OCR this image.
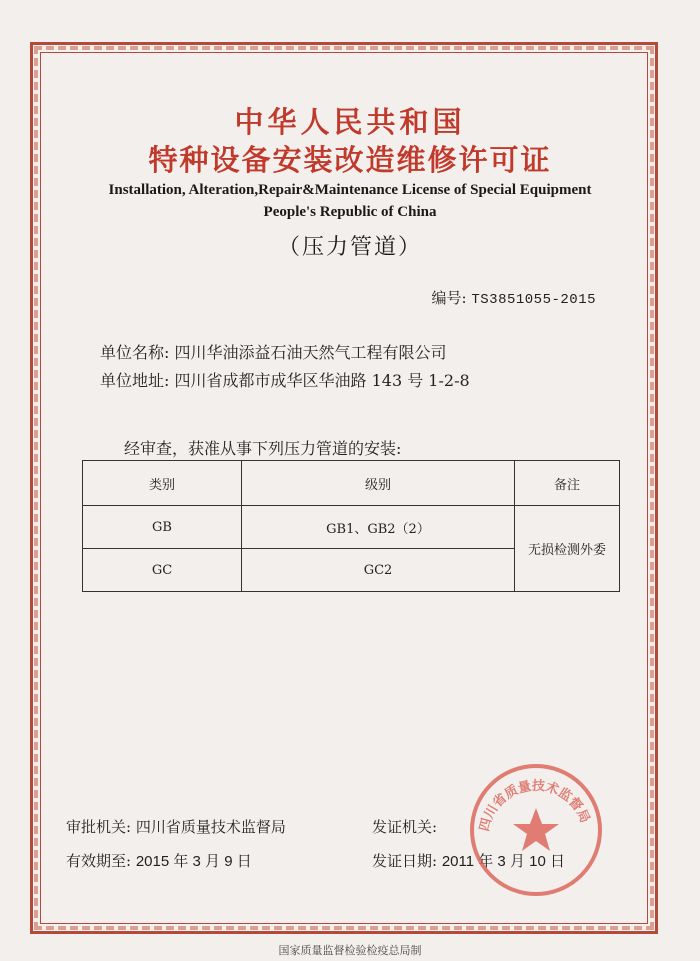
中华人民共和国
特种设备安装改造维修许可证
Installation, Alteration,Repair&Maintenance License of Special Equipment
People's Republic of China
（压力管道）
编号: TS3851055-2015
单位名称: 四川华油添益石油天然气工程有限公司
单位地址: 四川省成都市成华区华油路 143 号 1-2-8
经审查，获准从事下列压力管道的安装:
类别	级别	备注
GB	GB1、GB2（2）	无损检测外委
GC	GC2	
审批机关: 四川省质量技术监督局	发证机关:
有效期至: 2015 年 3 月 9 日	发证日期: 2011 年 3 月 10 日
四川省质量技术监督局
国家质量监督检验检疫总局制
